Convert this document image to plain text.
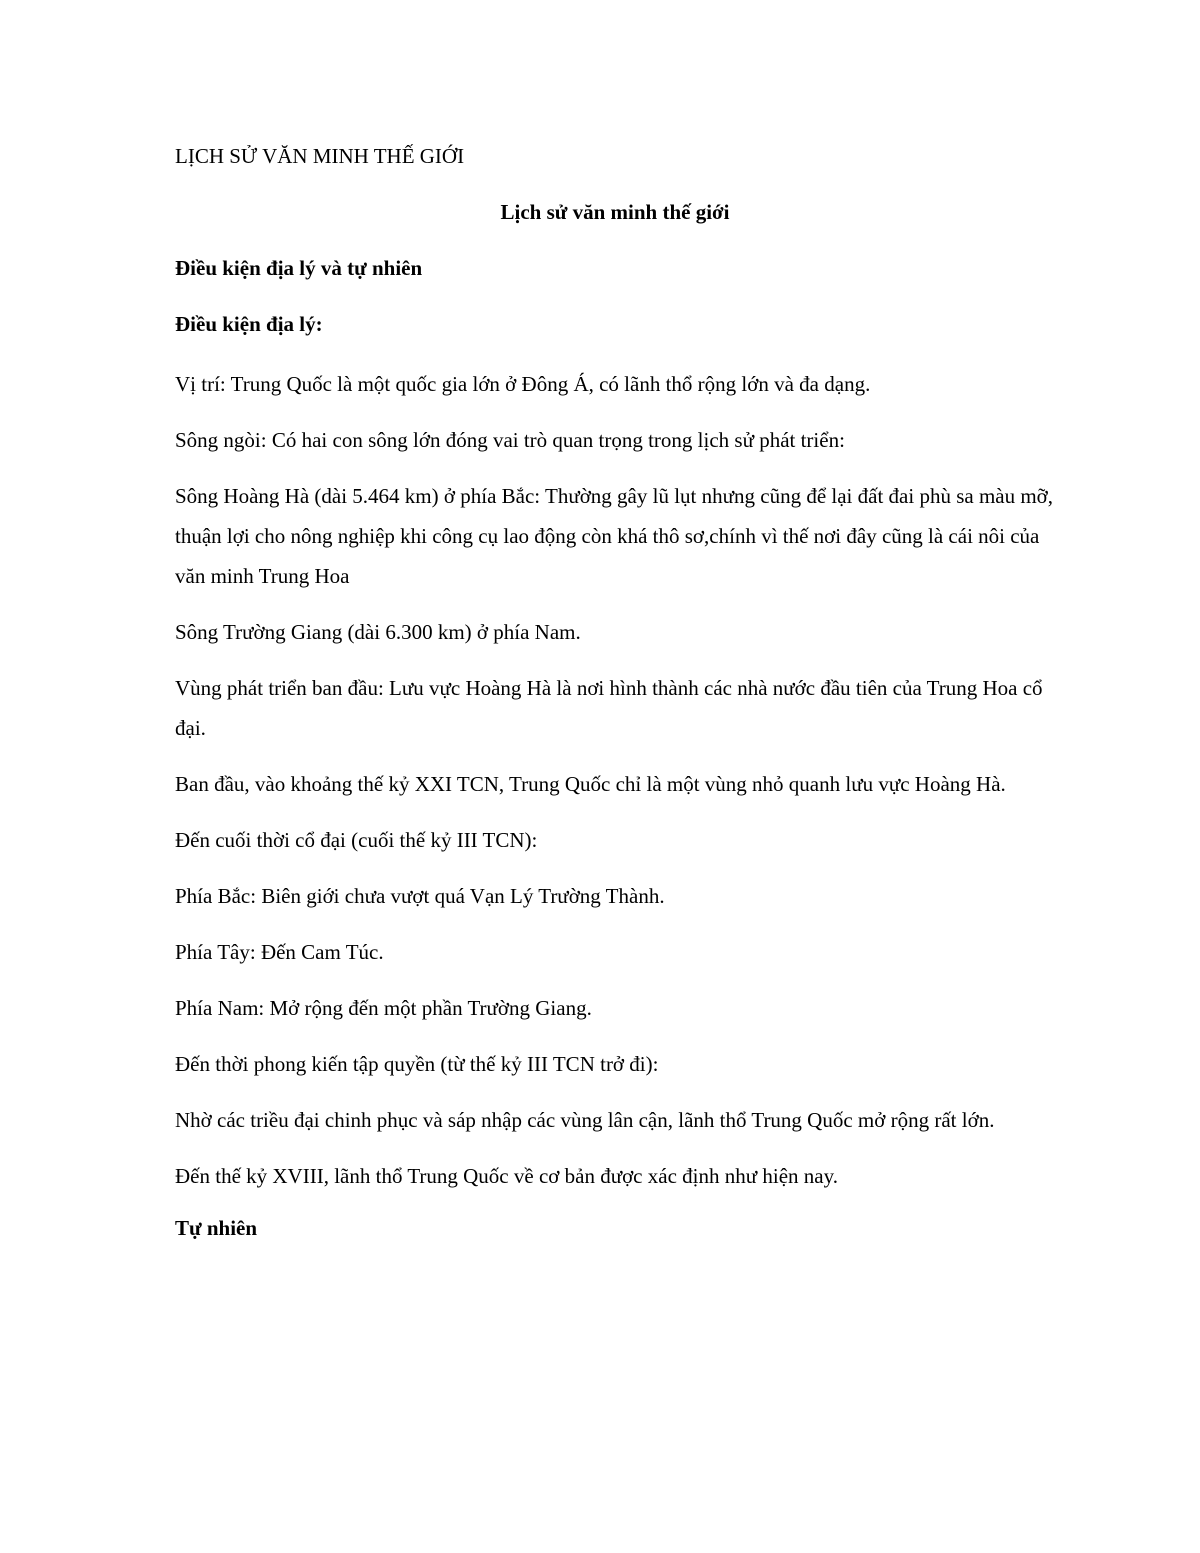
LỊCH SỬ VĂN MINH THẾ GIỚI
Lịch sử văn minh thế giới
Điều kiện địa lý và tự nhiên
Điều kiện địa lý:
Vị trí: Trung Quốc là một quốc gia lớn ở Đông Á, có lãnh thổ rộng lớn và đa dạng.
Sông ngòi: Có hai con sông lớn đóng vai trò quan trọng trong lịch sử phát triển:
Sông Hoàng Hà (dài 5.464 km) ở phía Bắc: Thường gây lũ lụt nhưng cũng để lại đất đai phù sa màu mỡ, thuận lợi cho nông nghiệp khi công cụ lao động còn khá thô sơ,chính vì thế nơi đây cũng là cái nôi của văn minh Trung Hoa
Sông Trường Giang (dài 6.300 km) ở phía Nam.
Vùng phát triển ban đầu: Lưu vực Hoàng Hà là nơi hình thành các nhà nước đầu tiên của Trung Hoa cổ đại.
Ban đầu, vào khoảng thế kỷ XXI TCN, Trung Quốc chỉ là một vùng nhỏ quanh lưu vực Hoàng Hà.
Đến cuối thời cổ đại (cuối thế kỷ III TCN):
Phía Bắc: Biên giới chưa vượt quá Vạn Lý Trường Thành.
Phía Tây: Đến Cam Túc.
Phía Nam: Mở rộng đến một phần Trường Giang.
Đến thời phong kiến tập quyền (từ thế kỷ III TCN trở đi):
Nhờ các triều đại chinh phục và sáp nhập các vùng lân cận, lãnh thổ Trung Quốc mở rộng rất lớn.
Đến thế kỷ XVIII, lãnh thổ Trung Quốc về cơ bản được xác định như hiện nay.
Tự nhiên
